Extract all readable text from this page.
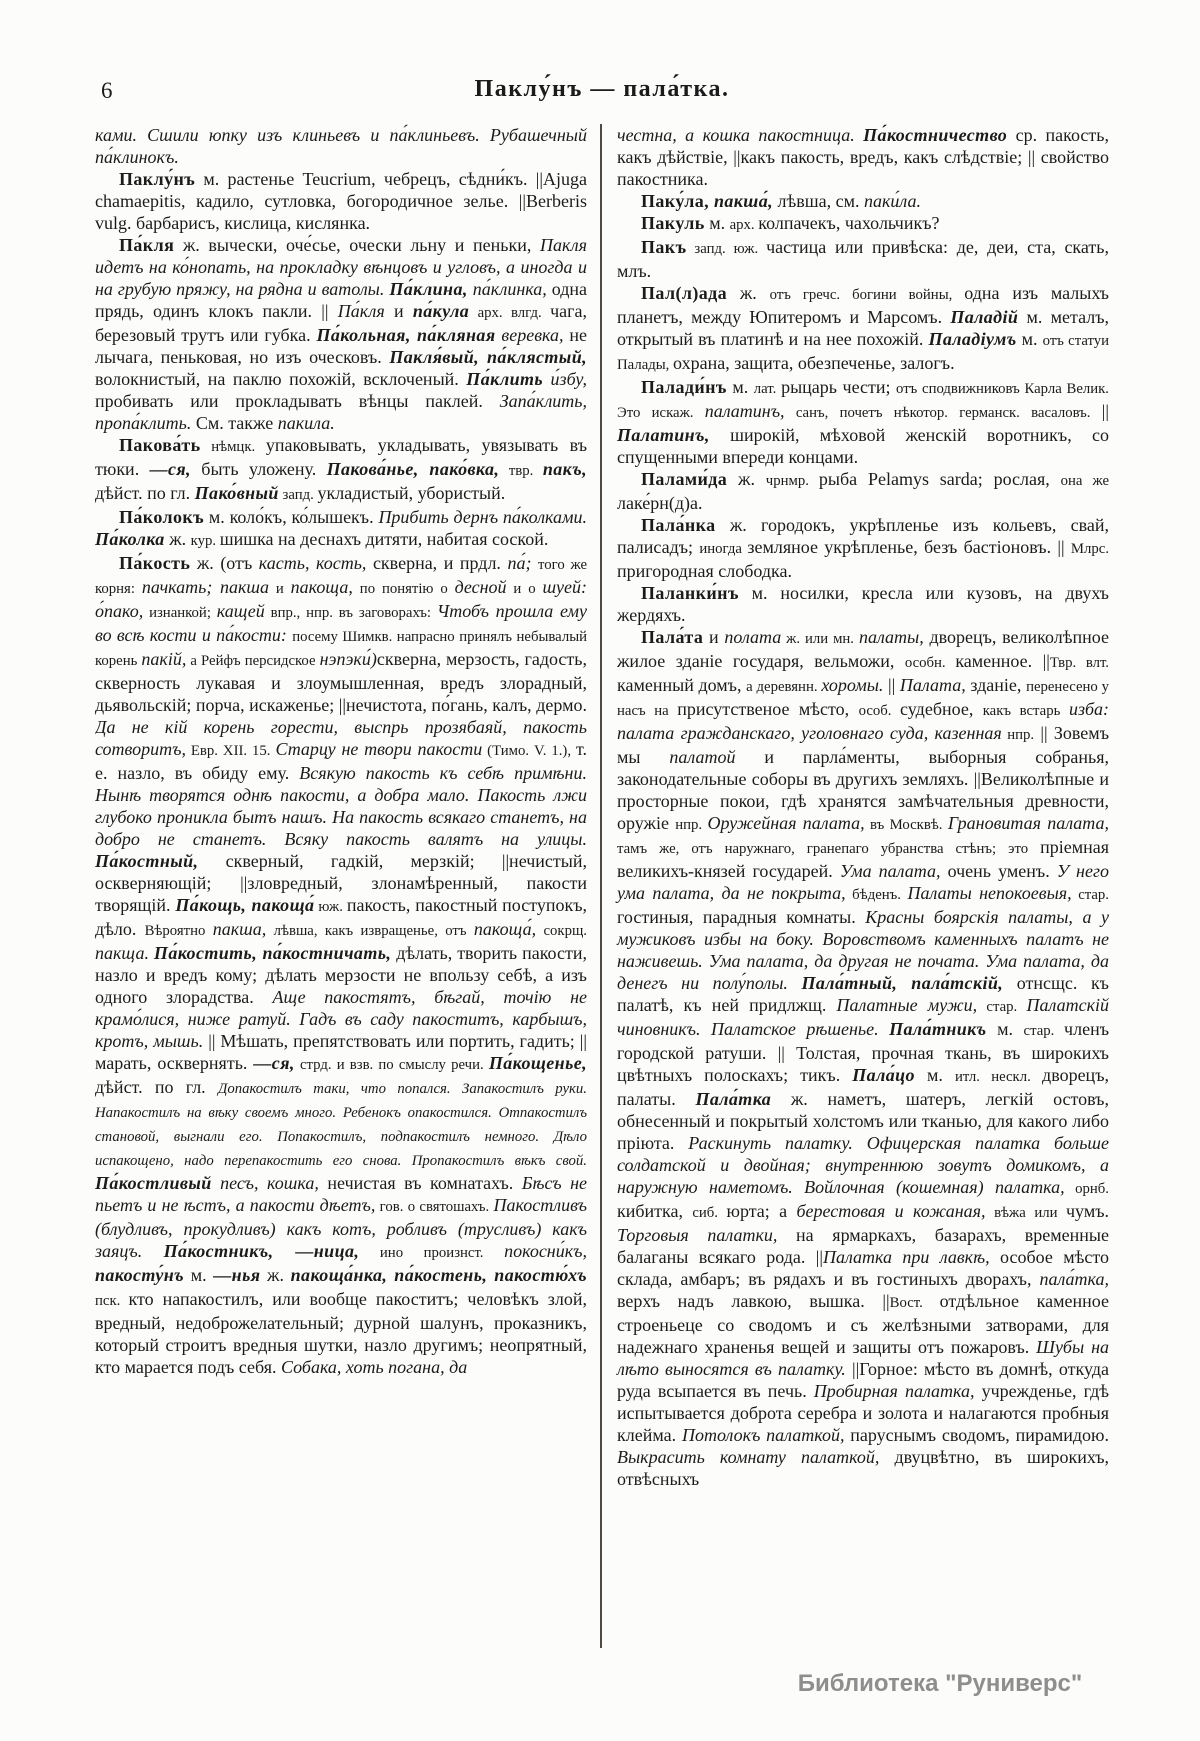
6	Паклу́нъ — пала́тка.

ками. Сшили юпку изъ клиньевъ и па́клиньевъ. Рубашечный па́клинокъ.

Паклу́нъ м. растенье Teucrium, чебрецъ, сѣдни́къ. ||Ajuga chamaepitis, кадило, сутловка, богородичное зелье. ||Berberis vulg. барбарисъ, кислица, кислянка.

Па́кля ж. вычески, оче́сье, очески льну и пеньки, Пакля идетъ на ко́нопать, на прокладку вѣнцовъ и угловъ, а иногда и на грубую пряжу, на рядна и ватолы. Па́клина, па́клинка, одна прядь, одинъ клокъ пакли. || Па́кля и па́кула арх. влгд. чага, березовый трутъ или губка. Па́кольная, па́кляная веревка, не лычага, пеньковая, но изъ оческовъ. Пакля́вый, па́клястый, волокнистый, на паклю похожій, всклоченый. Па́клить и́збу, пробивать или прокладывать вѣнцы паклей. Запа́клить, пропа́клить. См. также пакила.

Пакова́ть нѣмцк. упаковывать, укладывать, увязывать въ тюки. —ся, быть уложену. Пакова́нье, пако́вка, твр. пакъ, дѣйст. по гл. Пако́вный запд. укладистый, убористый.

Па́колокъ м. коло́къ, ко́лышекъ. Прибить дернъ па́колками. Па́колка ж. кур. шишка на деснахъ дитяти, набитая соской.

Па́кость ж. (отъ касть, кость, скверна, и прдл. па́; того же корня: пачкать; пакша и пакоща, по понятію о десной и о шуей: о́пако, изнанкой; кащей впр., нпр. въ заговорахъ: Чтобъ прошла ему во всѣ кости и па́кости: посему Шимкв. напрасно принялъ небывалый корень пакій, а Рейфъ персидское нэпэки́)скверна, мерзость, гадость, скверность лукавая и злоумышленная, вредъ злорадный, дьявольскій; порча, искаженье; ||нечистота, по́гань, калъ, дермо. Да не кій корень горести, выспрь прозябаяй, пакость сотворитъ, Евр. XII. 15. Старцу не твори пакости (Тимо. V. 1.), т. е. назло, въ обиду ему. Всякую пакость къ себѣ примѣни. Нынѣ творятся однѣ пакости, а добра мало. Пакость лжи глубоко проникла бытъ нашъ. На пакость всякаго станетъ, на добро не станетъ. Всяку пакость валятъ на улицы. Па́костный, скверный, гадкій, мерзкій; ||нечистый, оскверняющій; ||зловредный, злонамѣренный, пакости творящій. Па́кощь, пакоща́ юж. пакость, пакостный поступокъ, дѣло. Вѣроятно пакша, лѣвша, какъ извращенье, отъ пакоща́, сокрщ. пакща. Па́костить, па́костничать, дѣлать, творить пакости, назло и вредъ кому; дѣлать мерзости не впользу себѣ, а изъ одного злорадства. Аще пакостятъ, бѣгай, точію не крамо́лися, ниже ратуй. Гадъ въ саду пакоститъ, карбышъ, кротъ, мышь. || Мѣшать, препятствовать или портить, гадить; ||марать, осквернять. —ся, стрд. и взв. по смыслу речи. Па́кощенье, дѣйст. по гл. Допакостилъ таки, что попался. Запакостилъ руки. Напакостилъ на вѣку своемъ много. Ребенокъ опакостился. Отпакостилъ становой, выгнали его. Попакостилъ, подпакостилъ немного. Дѣло испакощено, надо перепакостить его снова. Пропакостилъ вѣкъ свой. Па́костливый песъ, кошка, нечистая въ комнатахъ. Бѣсъ не пьетъ и не ѣстъ, а пакости дѣетъ, гов. о святошахъ. Пакостливъ (блудливъ, прокудливъ) какъ котъ, робливъ (трусливъ) какъ заяцъ. Па́костникъ, —ница, ино произнст. покосни́къ, пакосту́нъ м. —нья ж. пакоща́нка, па́костень, пакостю́хъ пск. кто напакостилъ, или вообще пакоститъ; человѣкъ злой, вредный, недоброжелательный; дурной шалунъ, проказникъ, который строитъ вредныя шутки, назло другимъ; неопрятный, кто марается подъ себя. Собака, хоть погана, да

честна, а кошка пакостница. Па́костничество ср. пакость, какъ дѣйствіе, ||какъ пакость, вредъ, какъ слѣдствіе; || свойство пакостника.

Паку́ла, пакша́, лѣвша, см. паки́ла.

Пакуль м. арх. колпачекъ, чахольчикъ?

Пакъ запд. юж. частица или привѣска: де, деи, ста, скать, млъ.

Пал(л)ада ж. отъ гречс. богини войны, одна изъ малыхъ планетъ, между Юпитеромъ и Марсомъ. Паладій м. металъ, открытый въ платинѣ и на нее похожій. Паладіумъ м. отъ статуи Палады, охрана, защита, обезпеченье, залогъ.

Палади́нъ м. лат. рыцарь чести; отъ сподвижниковъ Карла Велик. Это искаж. палатинъ, санъ, почетъ нѣкотор. германск. васаловъ. ||Палатинъ, широкій, мѣховой женскій воротникъ, со спущенными впереди концами.

Палами́да ж. чрнмр. рыба Pelamys sarda; рослая, она же лаке́рн(д)а.

Пала́нка ж. городокъ, укрѣпленье изъ кольевъ, свай, палисадъ; иногда земляное укрѣпленье, безъ бастіоновъ. || Млрс. пригородная слободка.

Паланки́нъ м. носилки, кресла или кузовъ, на двухъ жердяхъ.

Пала́та и полата ж. или мн. палаты, дворецъ, великолѣпное жилое зданіе государя, вельможи, особн. каменное. ||Твр. влт. каменный домъ, а деревянн. хоромы. || Палата, зданіе, перенесено у насъ на присутственое мѣсто, особ. судебное, какъ встарь изба: палата гражданскаго, уголовнаго суда, казенная нпр. || Зовемъ мы палатой и парла́менты, выборныя собранья, законодательные соборы въ другихъ земляхъ. ||Великолѣпные и просторные покои, гдѣ хранятся замѣчательныя древности, оружіе нпр. Оружейная палата, въ Москвѣ. Грановитая палата, тамъ же, отъ наружнаго, гранепаго убранства стѣнъ; это пріемная великихъ-князей государей. Ума палата, очень уменъ. У него ума палата, да не покрыта, бѣденъ. Палаты непокоевыя, стар. гостиныя, парадныя комнаты. Красны боярскія палаты, а у мужиковъ избы на боку. Воровствомъ каменныхъ палатъ не наживешь. Ума палата, да другая не почата. Ума палата, да денегъ ни полу́полы. Пала́тный, пала́тскій, отнсщс. къ палатѣ, къ ней придлжщ. Палатные мужи, стар. Палатскій чиновникъ. Палатское рѣшенье. Пала́тникъ м. стар. членъ городской ратуши. || Толстая, прочная ткань, въ широкихъ цвѣтныхъ полоскахъ; тикъ. Пала́цо м. итл. нескл. дворецъ, палаты. Пала́тка ж. наметъ, шатеръ, легкій остовъ, обнесенный и покрытый холстомъ или тканью, для какого либо пріюта. Раскинуть палатку. Офицерская палатка больше солдатской и двойная; внутреннюю зовутъ домикомъ, а наружную наметомъ. Войлочная (кошемная) палатка, орнб. кибитка, сиб. юрта; а берестовая и кожаная, вѣжа или чумъ. Торговыя палатки, на ярмаркахъ, базарахъ, временные балаганы всякаго рода. ||Палатка при лавкѣ, особое мѣсто склада, амбаръ; въ рядахъ и въ гостиныхъ дворахъ, пала́тка, верхъ надъ лавкою, вышка. ||Вост. отдѣльное каменное строеньеце со сводомъ и съ желѣзными затворами, для надежнаго храненья вещей и защиты отъ пожаровъ. Шубы на лѣто выносятся въ палатку. ||Горное: мѣсто въ домнѣ, откуда руда всыпается въ печь. Пробирная палатка, учрежденье, гдѣ испытывается доброта серебра и золота и налагаются пробныя клейма. Потолокъ палаткой, паруснымъ сводомъ, пирамидою. Выкрасить комнату палаткой, двуцвѣтно, въ широкихъ, отвѣсныхъ

Библиотека "Руниверс"
